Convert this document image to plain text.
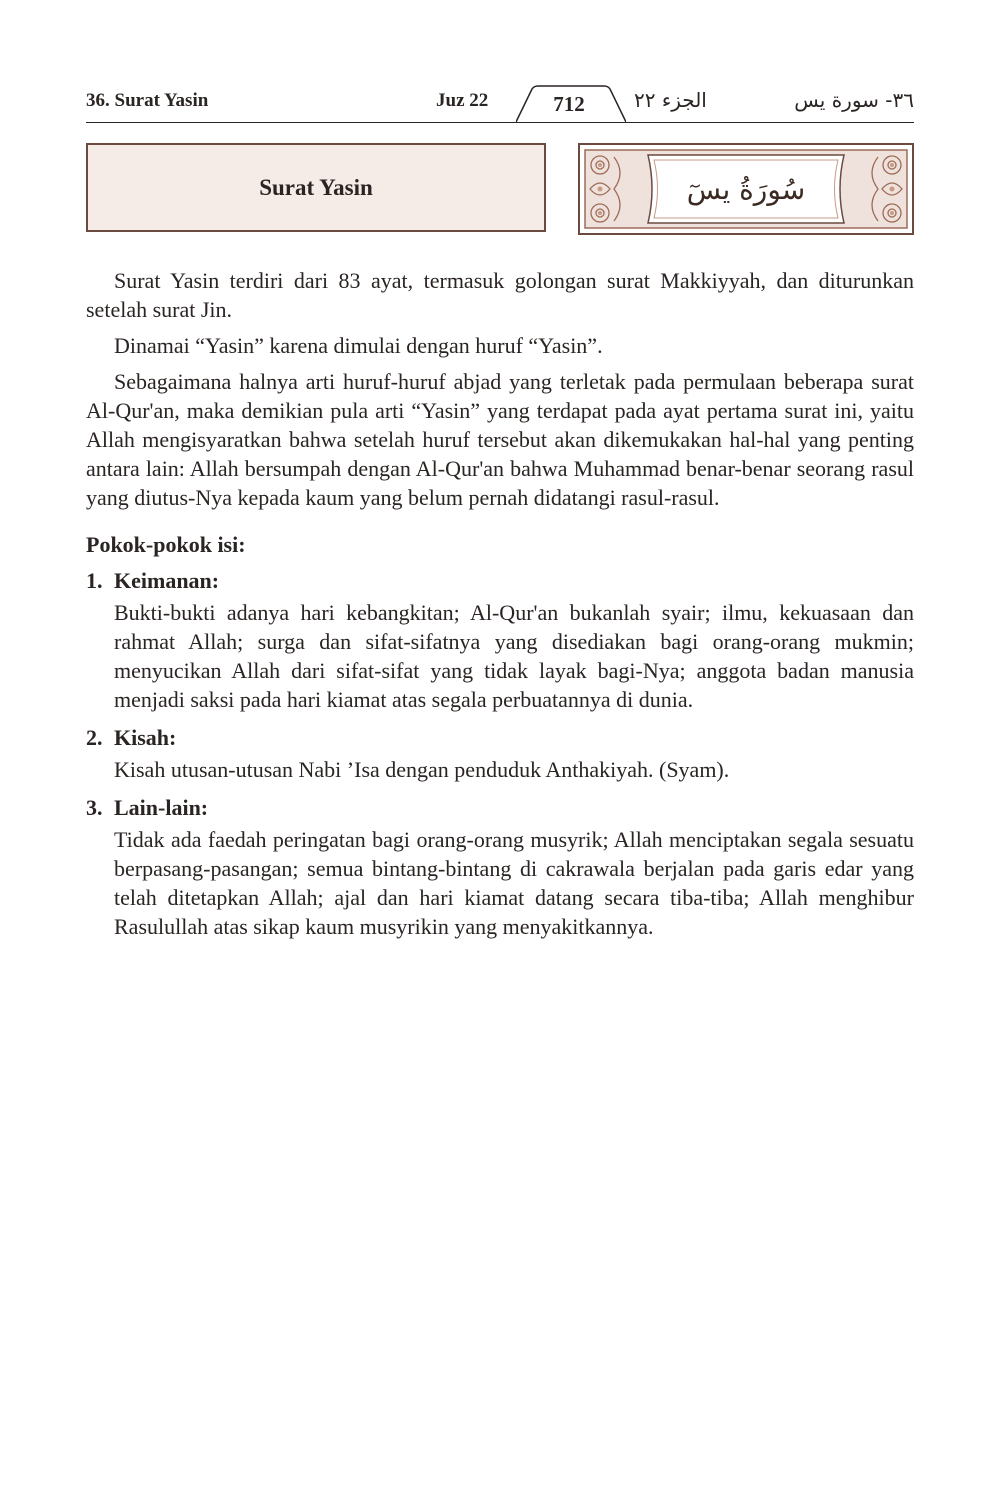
36. Surat Yasin	Juz 22	712	الجزء ٢٢	٣٦- سورة يس
Surat Yasin	سُورَةُ يسٓ

Surat Yasin terdiri dari 83 ayat, termasuk golongan surat Makkiyyah, dan diturunkan setelah surat Jin.

Dinamai “Yasin” karena dimulai dengan huruf “Yasin”.

Sebagaimana halnya arti huruf-huruf abjad yang terletak pada permulaan beberapa surat Al-Qur'an, maka demikian pula arti “Yasin” yang terdapat pada ayat pertama surat ini, yaitu Allah mengisyaratkan bahwa setelah huruf tersebut akan dikemukakan hal-hal yang penting antara lain: Allah bersumpah dengan Al-Qur'an bahwa Muhammad benar-benar seorang rasul yang diutus-Nya kepada kaum yang belum pernah didatangi rasul-rasul.

Pokok-pokok isi:
1. Keimanan:

Bukti-bukti adanya hari kebangkitan; Al-Qur'an bukanlah syair; ilmu, kekuasaan dan rahmat Allah; surga dan sifat-sifatnya yang disediakan bagi orang-orang mukmin; menyucikan Allah dari sifat-sifat yang tidak layak bagi-Nya; anggota badan manusia menjadi saksi pada hari kiamat atas segala perbuatannya di dunia.

2. Kisah:

Kisah utusan-utusan Nabi ’Isa dengan penduduk Anthakiyah. (Syam).

3. Lain-lain:

Tidak ada faedah peringatan bagi orang-orang musyrik; Allah menciptakan segala sesuatu berpasang-pasangan; semua bintang-bintang di cakrawala berjalan pada garis edar yang telah ditetapkan Allah; ajal dan hari kiamat datang secara tiba-tiba; Allah menghibur Rasulullah atas sikap kaum musyrikin yang menyakitkannya.
